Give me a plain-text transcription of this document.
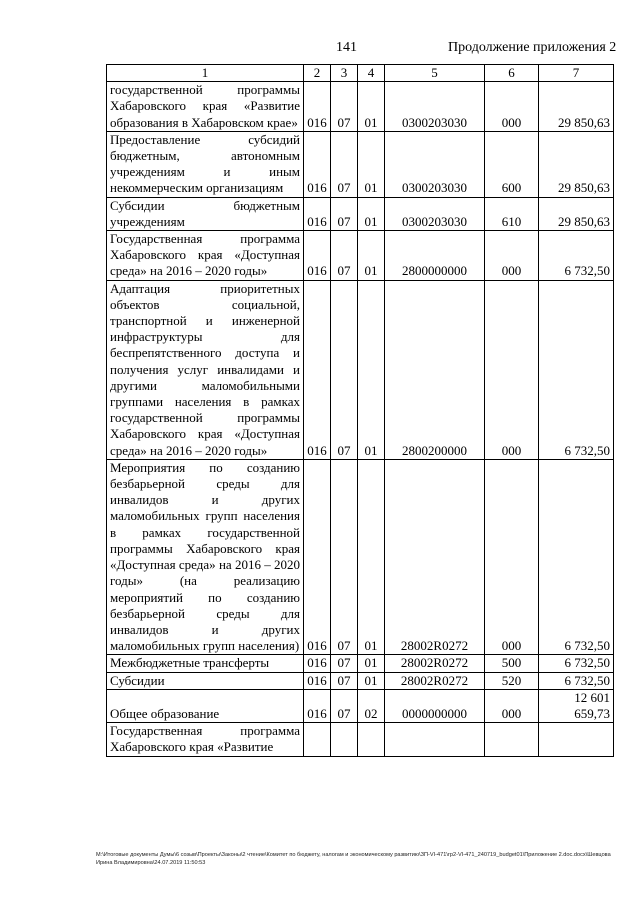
141	Продолжение приложения 2
1	2	3	4	5	6	7
государственной программы Хабаровского края «Развитие образования в Хабаровском крае»	016	07	01	0300203030	000	29 850,63
Предоставление субсидий бюджетным, автономным учреждениям и иным некоммерческим организациям	016	07	01	0300203030	600	29 850,63
Субсидии бюджетным учреждениям	016	07	01	0300203030	610	29 850,63
Государственная программа Хабаровского края «Доступная среда» на 2016 – 2020 годы»	016	07	01	2800000000	000	6 732,50
Адаптация приоритетных объектов социальной, транспортной и инженерной инфраструктуры для беспрепятственного доступа и получения услуг инвалидами и другими маломобильными группами населения в рамках государственной программы Хабаровского края «Доступная среда» на 2016 – 2020 годы»	016	07	01	2800200000	000	6 732,50
Мероприятия по созданию безбарьерной среды для инвалидов и других маломобильных групп населения в рамках государственной программы Хабаровского края «Доступная среда» на 2016 – 2020 годы» (на реализацию мероприятий по созданию безбарьерной среды для инвалидов и других маломобильных групп населения)	016	07	01	28002R0272	000	6 732,50
Межбюджетные трансферты	016	07	01	28002R0272	500	6 732,50
Субсидии	016	07	01	28002R0272	520	6 732,50
Общее образование	016	07	02	0000000000	000	12 601 659,73
Государственная программа Хабаровского края «Развитие						
M:\Итоговые документы Думы\6 созыв\Проекты\Законы\2 чтение\Комитет по бюджету, налогам и экономическому развитию\ЗП-VI-471\гр2-VI-471_240719_budget01\Приложение 2.doc.docx\Шевцова Ирина Владимировна\24.07.2019 11:50:53
